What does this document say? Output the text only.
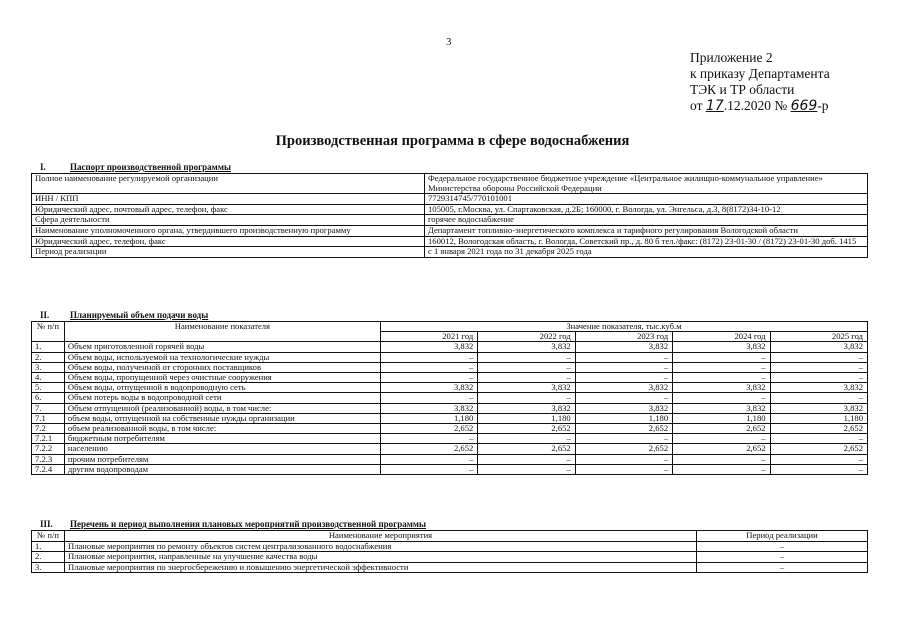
3
Приложение 2
к приказу Департамента
ТЭК и ТР области
от 17.12.2020 № 669-р
Производственная программа в сфере водоснабжения
I.	Паспорт производственной программы
Полное наименование регулируемой организации	Федеральное государственное бюджетное учреждение «Центральное жилищно-коммунальное управление» Министерства обороны Российской Федерации
ИНН / КПП	7729314745/770101001
Юридический адрес, почтовый адрес, телефон, факс	105005, г.Москва, ул. Спартаковская, д.2Б; 160000, г. Вологда, ул. Энгельса, д.3, 8(8172)34-10-12
Сфера деятельности	горячее водоснабжение
Наименование уполномоченного органа, утвердившего производственную программу	Департамент топливно-энергетического комплекса и тарифного регулирования Вологодской области
Юридический адрес, телефон, факс	160012, Вологодская область, г. Вологда, Советский пр., д. 80 б тел./факс: (8172) 23-01-30 / (8172) 23-01-30 доб. 1415
Период реализации	с 1 января 2021 года по 31 декабря 2025 года
II. Планируемый объем подачи воды
№ п/п	Наименование показателя	Значение показателя, тыс.куб.м				
		2021 год	2022 год	2023 год	2024 год	2025 год
1.	Объем приготовленной горячей воды	3,832	3,832	3,832	3,832	3,832
2.	Объем воды, используемой на технологические нужды	–	–	–	–	–
3.	Объем воды, полученной от сторонних поставщиков	–	–	–	–	–
4.	Объем воды, пропущенной через очистные сооружения	–	–	–	–	–
5.	Объем воды, отпущенной в водопроводную сеть	3,832	3,832	3,832	3,832	3,832
6.	Объем потерь воды в водопроводной сети	–	–	–	–	–
7.	Объем отпущенной (реализованной) воды, в том числе:	3,832	3,832	3,832	3,832	3,832
7.1	объем воды, отпущенной на собственные нужды организации	1,180	1,180	1,180	1,180	1,180
7.2	объем реализованной воды, в том числе:	2,652	2,652	2,652	2,652	2,652
7.2.1	бюджетным потребителям	–	–	–	–	–
7.2.2	населению	2,652	2,652	2,652	2,652	2,652
7.2.3	прочим потребителям	–	–	–	–	–
7.2.4	другим водопроводам	–	–	–	–	–
III. Перечень и период выполнения плановых мероприятий производственной программы
№ п/п	Наименование мероприятия	Период реализации
1.	Плановые мероприятия по ремонту объектов систем централизованного водоснабжения	–
2.	Плановые мероприятия, направленные на улучшение качества воды	–
3.	Плановые мероприятия по энергосбережению и повышению энергетической эффективности	–
